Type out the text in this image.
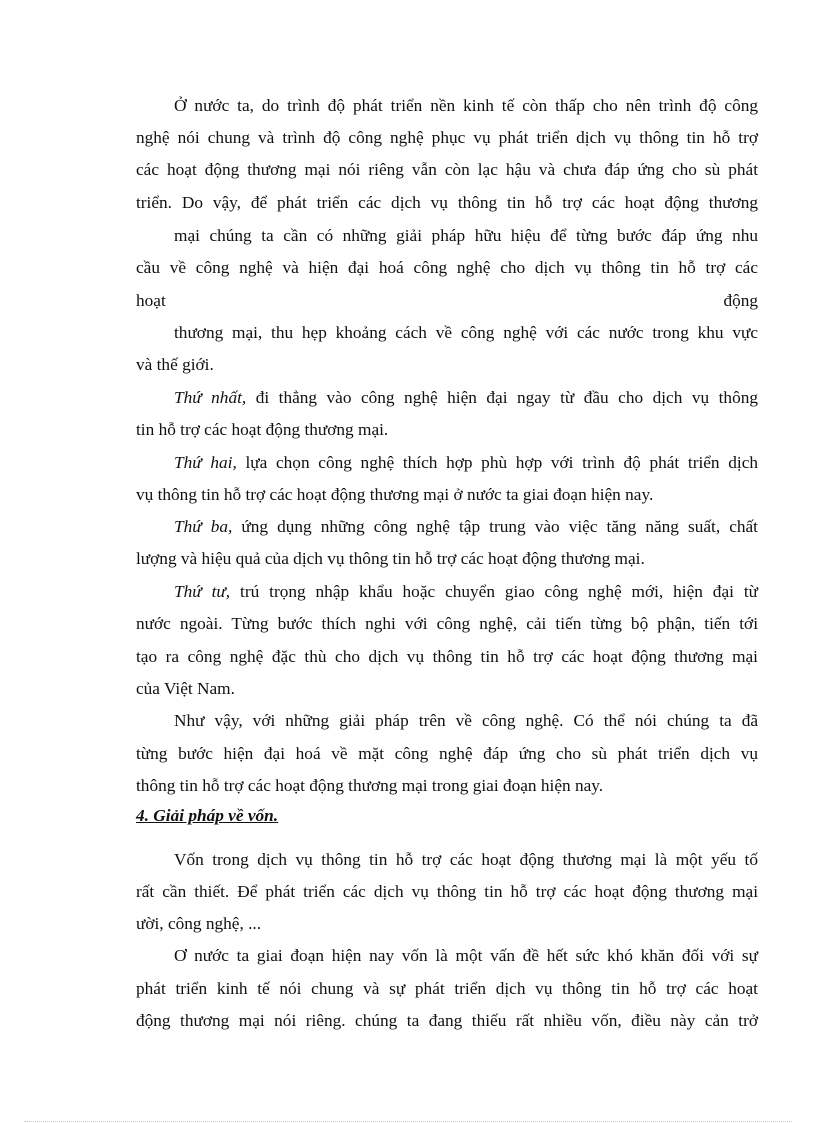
Ở nước ta, do trình độ phát triển nền kinh tế còn thấp cho nên trình độ công
nghệ nói chung và trình độ công nghệ phục vụ phát triển dịch vụ thông tin hỗ trợ
các hoạt động thương mại nói riêng vẫn còn lạc hậu và chưa đáp ứng cho sù phát
triển. Do vậy, để phát triển các dịch vụ thông tin hỗ trợ các hoạt động thương
mại chúng ta cần có những giải pháp hữu hiệu để từng bước đáp ứng nhu
cầu về công nghệ và hiện đại hoá công nghệ cho dịch vụ thông tin hỗ trợ các
hoạt	động
thương mại, thu hẹp khoảng cách về công nghệ với các nước trong khu vực
và thế giới.
Thứ nhất, đi thẳng vào công nghệ hiện đại ngay từ đầu cho dịch vụ thông
tin hỗ trợ các hoạt động thương mại.
Thứ hai, lựa chọn công nghệ thích hợp phù hợp với trình độ phát triển dịch
vụ thông tin hỗ trợ các hoạt động thương mại ở nước ta giai đoạn hiện nay.
Thứ ba, ứng dụng những công nghệ tập trung vào việc tăng năng suất, chất
lượng và hiệu quả của dịch vụ thông tin hỗ trợ các hoạt động thương mại.
Thứ tư, trú trọng nhập khẩu hoặc chuyển giao công nghệ mới, hiện đại từ
nước ngoài. Từng bước thích nghi với công nghệ, cải tiến từng bộ phận, tiến tới
tạo ra công nghệ đặc thù cho dịch vụ thông tin hỗ trợ các hoạt động thương mại
của Việt Nam.
Như vậy, với những giải pháp trên về công nghệ. Có thể nói chúng ta đã
từng bước hiện đại hoá về mặt công nghệ đáp ứng cho sù phát triển dịch vụ
thông tin hỗ trợ các hoạt động thương mại trong giai đoạn hiện nay.
4. Giải pháp về vốn.
Vốn trong dịch vụ thông tin hỗ trợ các hoạt động thương mại là một yếu tố
rất cần thiết. Để phát triển các dịch vụ thông tin hỗ trợ các hoạt động thương mại
ười, công nghệ, ...
Ơ nước ta giai đoạn hiện nay vốn là một vấn đề hết sức khó khăn đối với sự
phát triển kinh tế nói chung và sự phát triển dịch vụ thông tin hỗ trợ các hoạt
động thương mại nói riêng. chúng ta đang thiếu rất nhiều vốn, điều này cản trở
